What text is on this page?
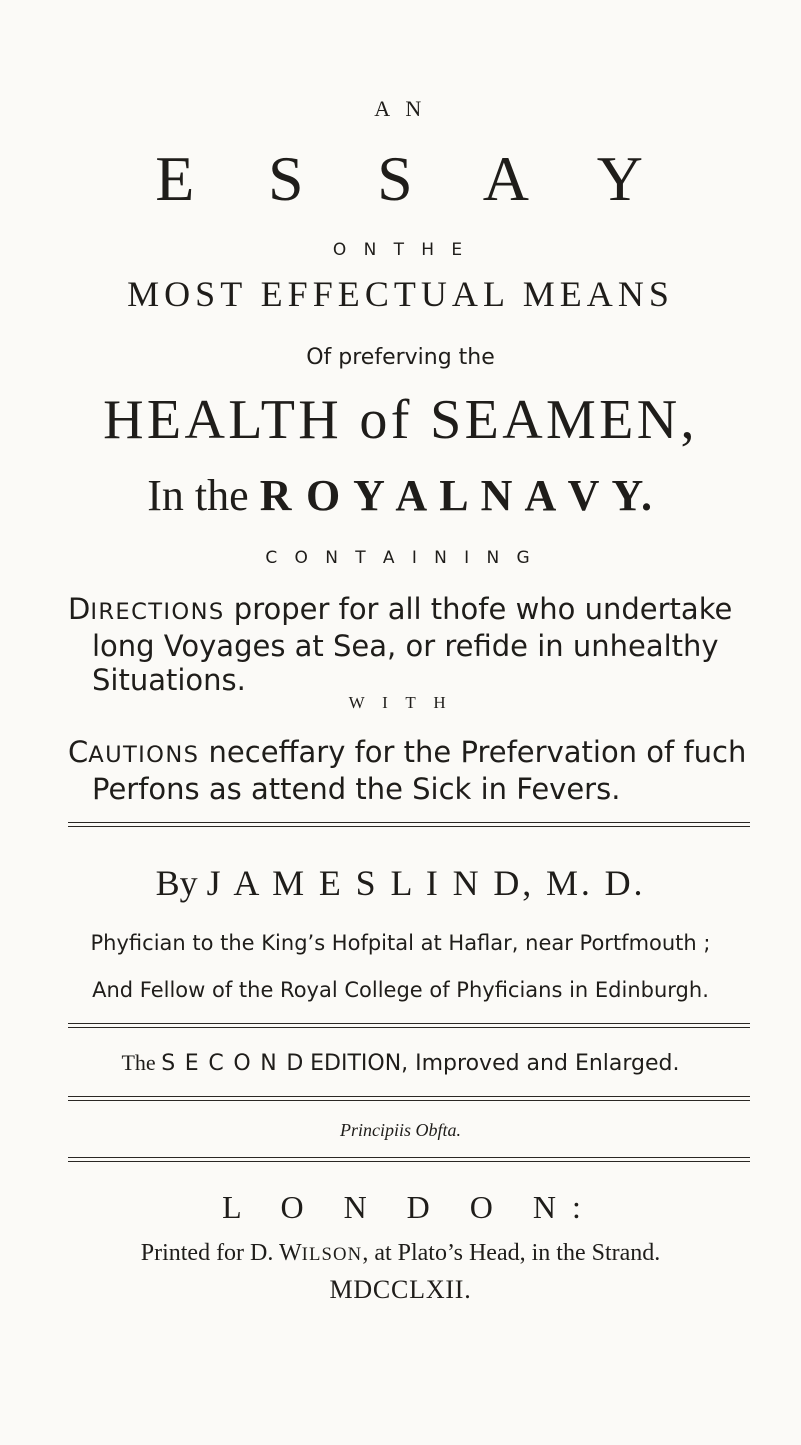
A N
E S S A Y
O N T H E
MOST EFFECTUAL MEANS
Of preferving the
HEALTH of SEAMEN,
In the R O Y A L N A V Y.
C O N T A I N I N G
DIRECTIONS proper for all thofe who undertake
long Voyages at Sea, or refide in unhealthy
Situations.
W I T H
CAUTIONS neceffary for the Prefervation of fuch
Perfons as attend the Sick in Fevers.
By J A M E S L I N D, M. D.
Phyfician to the King’s Hofpital at Haflar, near Portfmouth ;
And Fellow of the Royal College of Phyficians in Edinburgh.
The S E C O N D EDITION, Improved and Enlarged.
Principiis Obfta.
L O N D O N:
Printed for D. WILSON, at Plato’s Head, in the Strand.
MDCCLXII.
